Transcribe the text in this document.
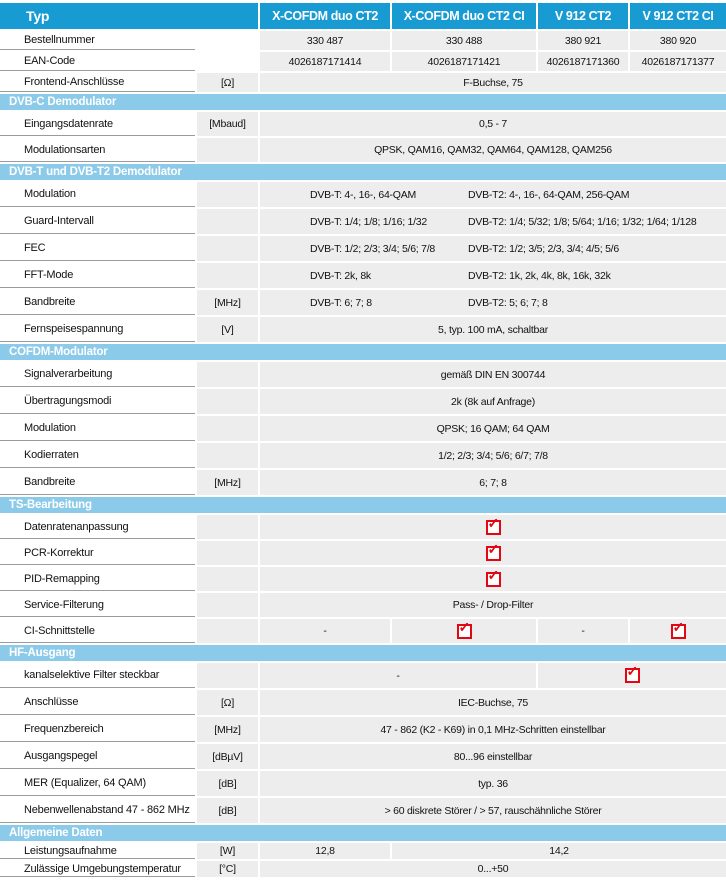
Typ	X-COFDM duo CT2	X-COFDM duo CT2 CI	V 912 CT2	V 912 CT2 CI
Bestellnummer	330 487	330 488	380 921	380 920
EAN-Code	4026187171414	4026187171421	4026187171360 4026187171377
Frontend-Anschlüsse	[Ω]	F-Buchse, 75
DVB-C Demodulator
Eingangsdatenrate	[Mbaud]	0,5 - 7
Modulationsarten	QPSK, QAM16, QAM32, QAM64, QAM128, QAM256
DVB-T und DVB-T2 Demodulator
Modulation	DVB-T: 4-, 16-, 64-QAM	DVB-T2: 4-, 16-, 64-QAM, 256-QAM
Guard-Intervall	DVB-T: 1/4; 1/8; 1/16; 1/32	DVB-T2: 1/4; 5/32; 1/8; 5/64; 1/16; 1/32; 1/64; 1/128
FEC	DVB-T: 1/2; 2/3; 3/4; 5/6; 7/8	DVB-T2: 1/2; 3/5; 2/3, 3/4; 4/5; 5/6
FFT-Mode	DVB-T: 2k, 8k	DVB-T2: 1k, 2k, 4k, 8k, 16k, 32k
Bandbreite	[MHz]	DVB-T: 6; 7; 8	DVB-T2: 5; 6; 7; 8
Fernspeisespannung	[V]	5, typ. 100 mA, schaltbar
COFDM-Modulator
Signalverarbeitung	gemäß DIN EN 300744
Übertragungsmodi	2k (8k auf Anfrage)
Modulation	QPSK; 16 QAM; 64 QAM
Kodierraten	1/2; 2/3; 3/4; 5/6; 6/7; 7/8
Bandbreite	[MHz]	6; 7; 8
TS-Bearbeitung
Datenratenanpassung	✓
PCR-Korrektur	✓
PID-Remapping	✓
Service-Filterung	Pass- / Drop-Filter
CI-Schnittstelle	-	✓	-	✓
HF-Ausgang
kanalselektive Filter steckbar	-	✓
Anschlüsse	[Ω]	IEC-Buchse, 75
Frequenzbereich	[MHz]	47 - 862 (K2 - K69) in 0,1 MHz-Schritten einstellbar
Ausgangspegel	[dBµV]	80...96 einstellbar
MER (Equalizer, 64 QAM)	[dB]	typ. 36
Nebenwellenabstand 47 - 862 MHz	[dB]	> 60 diskrete Störer / > 57, rauschähnliche Störer
Allgemeine Daten
Leistungsaufnahme	[W]	12,8	14,2
Zulässige Umgebungstemperatur	[°C]	0...+50
